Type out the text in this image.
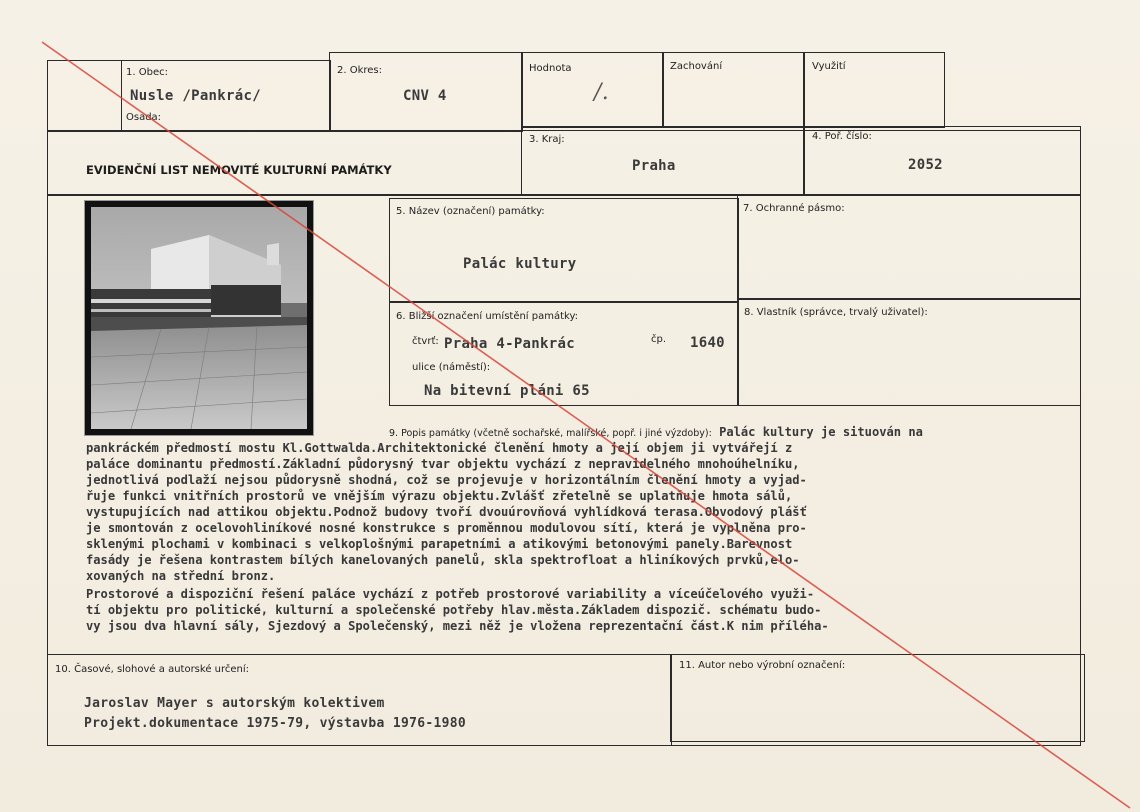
1. Obec:
Nusle /Pankrác/
Osada:
2. Okres:
CNV 4
Hodnota
/.
Zachování	Využití
EVIDENČNÍ LIST NEMOVITÉ KULTURNÍ PAMÁTKY
3. Kraj:
Praha
4. Poř. číslo:
2052
5. Název (označení) památky:
Palác kultury
7. Ochranné pásmo:
6. Bližší označení umístění památky:
čtvrť: Praha 4-Pankrác	čp. 1640
ulice (náměstí):
Na bitevní pláni 65
8. Vlastník (správce, trvalý uživatel):
9. Popis památky (včetně sochařské, malířské, popř. i jiné výzdoby): Palác kultury je situován na
pankráckém předmostí mostu Kl.Gottwalda.Architektonické členění hmoty a její objem ji vytvářejí z
paláce dominantu předmostí.Základní půdorysný tvar objektu vychází z nepravidelného mnohoúhelníku,
jednotlivá podlaží nejsou půdorysně shodná, což se projevuje v horizontálním členění hmoty a vyjad-
řuje funkci vnitřních prostorů ve vnějším výrazu objektu.Zvlášť zřetelně se uplatňuje hmota sálů,
vystupujících nad attikou objektu.Podnož budovy tvoří dvouúrovňová vyhlídková terasa.Obvodový plášť
je smontován z ocelovohliníkové nosné konstrukce s proměnnou modulovou sítí, která je vyplněna pro-
sklenými plochami v kombinaci s velkoplošnými parapetními a atikovými betonovými panely.Barevnost
fasády je řešena kontrastem bílých kanelovaných panelů, skla spektrofloat a hliníkových prvků,elo-
xovaných na střední bronz.
Prostorové a dispoziční řešení paláce vychází z potřeb prostorové variability a víceúčelového využi-
tí objektu pro politické, kulturní a společenské potřeby hlav.města.Základem dispozič. schématu budo-
vy jsou dva hlavní sály, Sjezdový a Společenský, mezi něž je vložena reprezentační část.K nim příléha-
10. Časové, slohové a autorské určení:
Jaroslav Mayer s autorským kolektivem
Projekt.dokumentace 1975-79, výstavba 1976-1980
11. Autor nebo výrobní označení:
